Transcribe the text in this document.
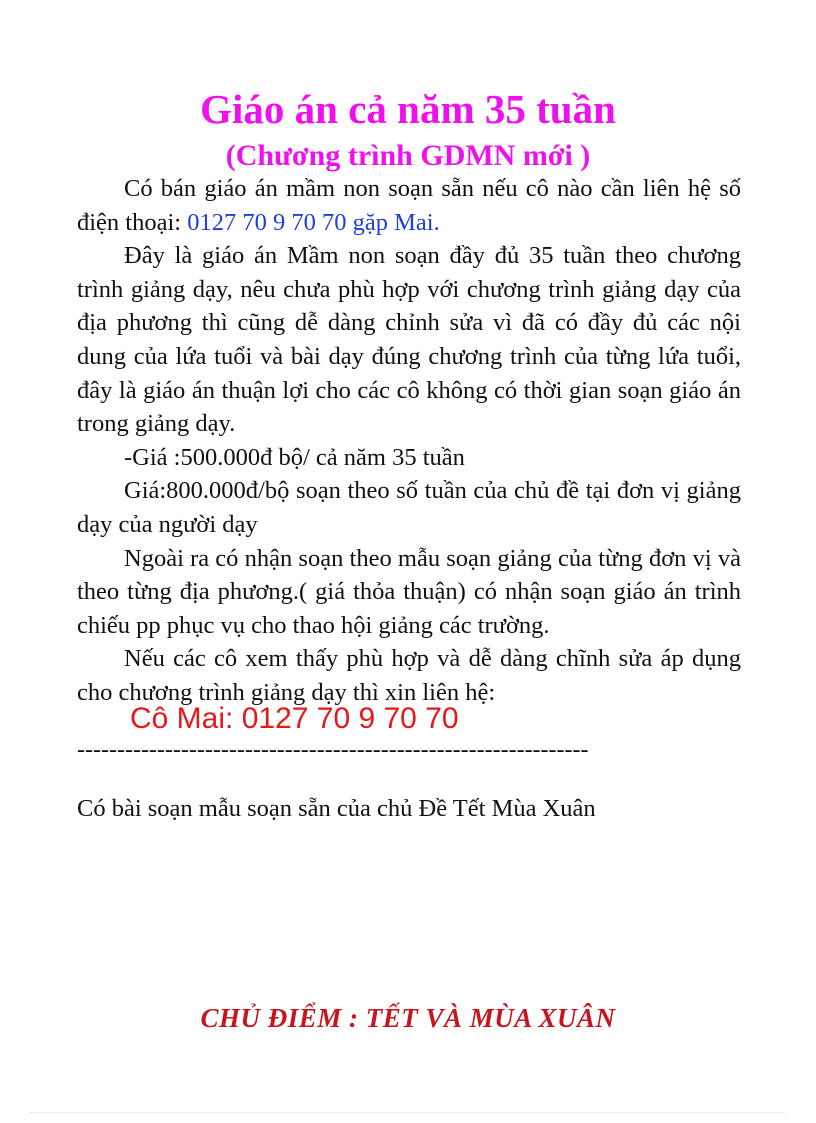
Giáo án cả năm 35 tuần
(Chương trình GDMN mới )

Có bán giáo án mầm non soạn sẵn nếu cô nào cần liên hệ số điện thoại: 0127 70 9 70 70 gặp Mai.

Đây là giáo án Mầm non soạn đầy đủ 35 tuần theo chương trình giảng dạy, nêu chưa phù hợp với chương trình giảng dạy của địa phương thì cũng dễ dàng chỉnh sửa vì đã có đầy đủ các nội dung của lứa tuổi và bài dạy đúng chương trình của từng lứa tuổi, đây là giáo án thuận lợi cho các cô không có thời gian soạn giáo án trong giảng dạy.

-Giá :500.000đ bộ/ cả năm 35 tuần

Giá:800.000đ/bộ soạn theo số tuần của chủ đề tại đơn vị giảng dạy của người dạy

Ngoài ra có nhận soạn theo mẫu soạn giảng của từng đơn vị và theo từng địa phương.( giá thỏa thuận) có nhận soạn giáo án trình chiếu pp phục vụ cho thao hội giảng các trường.

Nếu các cô xem thấy phù hợp và dễ dàng chĩnh sửa áp dụng cho chương trình giảng dạy thì xin liên hệ:

Cô Mai: 0127 70 9 70 70
----------------------------------------------------------------
Có bài soạn mẫu soạn sẵn của chủ Đề Tết Mùa Xuân
CHỦ ĐIỂM : TẾT VÀ MÙA XUÂN
